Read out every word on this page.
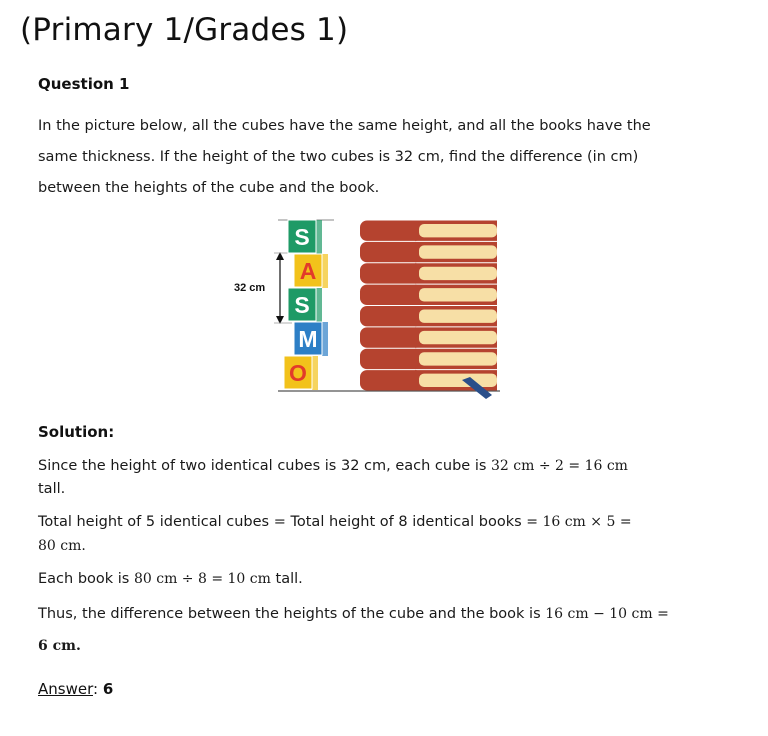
(Primary 1/Grades 1)
Question 1
In the picture below, all the cubes have the same height, and all the books have the
same thickness. If the height of the two cubes is 32 cm, find the difference (in cm)
between the heights of the cube and the book.
32 cm
S
A
S
M
O
Solution:
Since the height of two identical cubes is 32 cm, each cube is 32 cm ÷ 2 = 16 cm
tall.
Total height of 5 identical cubes = Total height of 8 identical books = 16 cm × 5 =
80 cm.
Each book is 80 cm ÷ 8 = 10 cm tall.
Thus, the difference between the heights of the cube and the book is 16 cm − 10 cm =
6 cm.
Answer: 6
